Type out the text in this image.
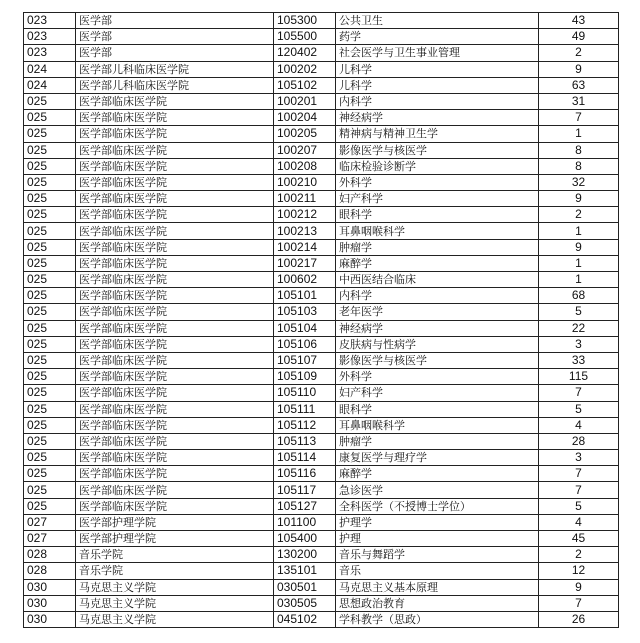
023	医学部	105300	公共卫生	43
023	医学部	105500	药学	49
023	医学部	120402	社会医学与卫生事业管理	2
024	医学部儿科临床医学院	100202	儿科学	9
024	医学部儿科临床医学院	105102	儿科学	63
025	医学部临床医学院	100201	内科学	31
025	医学部临床医学院	100204	神经病学	7
025	医学部临床医学院	100205	精神病与精神卫生学	1
025	医学部临床医学院	100207	影像医学与核医学	8
025	医学部临床医学院	100208	临床检验诊断学	8
025	医学部临床医学院	100210	外科学	32
025	医学部临床医学院	100211	妇产科学	9
025	医学部临床医学院	100212	眼科学	2
025	医学部临床医学院	100213	耳鼻咽喉科学	1
025	医学部临床医学院	100214	肿瘤学	9
025	医学部临床医学院	100217	麻醉学	1
025	医学部临床医学院	100602	中西医结合临床	1
025	医学部临床医学院	105101	内科学	68
025	医学部临床医学院	105103	老年医学	5
025	医学部临床医学院	105104	神经病学	22
025	医学部临床医学院	105106	皮肤病与性病学	3
025	医学部临床医学院	105107	影像医学与核医学	33
025	医学部临床医学院	105109	外科学	115
025	医学部临床医学院	105110	妇产科学	7
025	医学部临床医学院	105111	眼科学	5
025	医学部临床医学院	105112	耳鼻咽喉科学	4
025	医学部临床医学院	105113	肿瘤学	28
025	医学部临床医学院	105114	康复医学与理疗学	3
025	医学部临床医学院	105116	麻醉学	7
025	医学部临床医学院	105117	急诊医学	7
025	医学部临床医学院	105127	全科医学（不授博士学位）	5
027	医学部护理学院	101100	护理学	4
027	医学部护理学院	105400	护理	45
028	音乐学院	130200	音乐与舞蹈学	2
028	音乐学院	135101	音乐	12
030	马克思主义学院	030501	马克思主义基本原理	9
030	马克思主义学院	030505	思想政治教育	7
030	马克思主义学院	045102	学科教学（思政）	26
